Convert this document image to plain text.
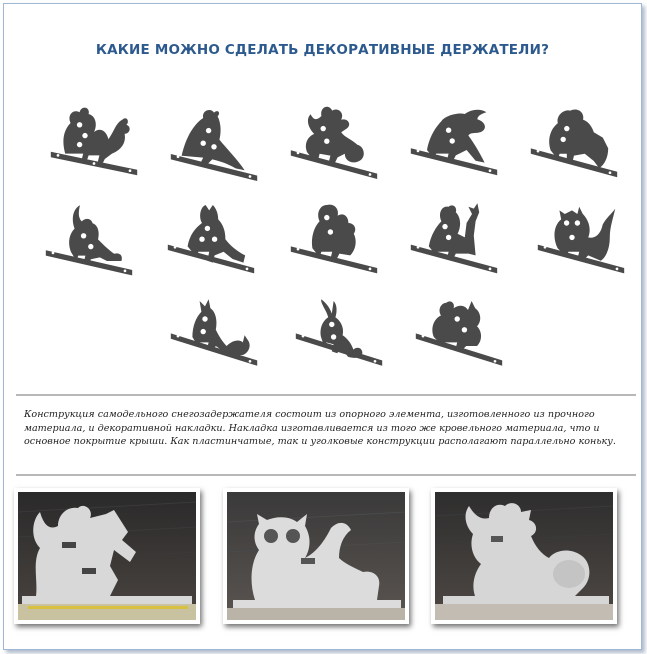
КАКИЕ МОЖНО СДЕЛАТЬ ДЕКОРАТИВНЫЕ ДЕРЖАТЕЛИ?
Конструкция самодельного снегозадержателя состоит из опорного элемента, изготовленного из прочного материала, и декоративной накладки. Накладка изготавливается из того же кровельного материала, что и основное покрытие крыши. Как пластинчатые, так и уголковые конструкции располагают параллельно коньку.
